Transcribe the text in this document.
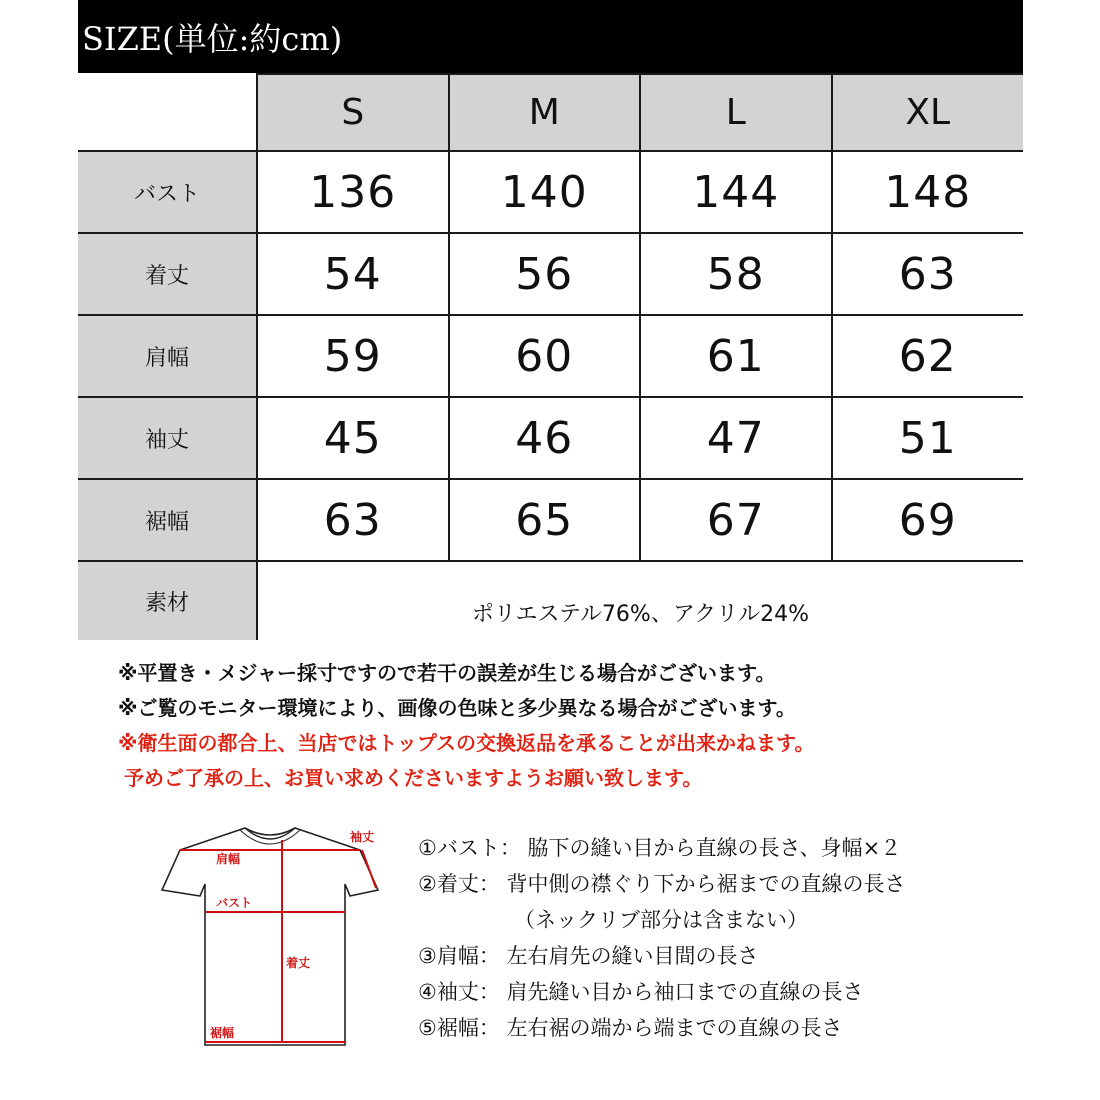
SIZE(単位:約cm)
	S	M	L	XL
バスト	136	140	144	148
着丈	54	56	58	63
肩幅	59	60	61	62
袖丈	45	46	47	51
裾幅	63	65	67	69
素材	ポリエステル76%、アクリル24%			
※平置き・メジャー採寸ですので若干の誤差が生じる場合がございます。
※ご覧のモニター環境により、画像の色味と多少異なる場合がございます。
※衛生面の都合上、当店ではトップスの交換返品を承ることが出来かねます。
予めご了承の上、お買い求めくださいますようお願い致します。
袖丈
肩幅
バスト
着丈
裾幅
①バスト： 脇下の縫い目から直線の長さ、身幅×２
②着丈： 背中側の襟ぐり下から裾までの直線の長さ
（ネックリブ部分は含まない）
③肩幅： 左右肩先の縫い目間の長さ
④袖丈： 肩先縫い目から袖口までの直線の長さ
⑤裾幅： 左右裾の端から端までの直線の長さ
